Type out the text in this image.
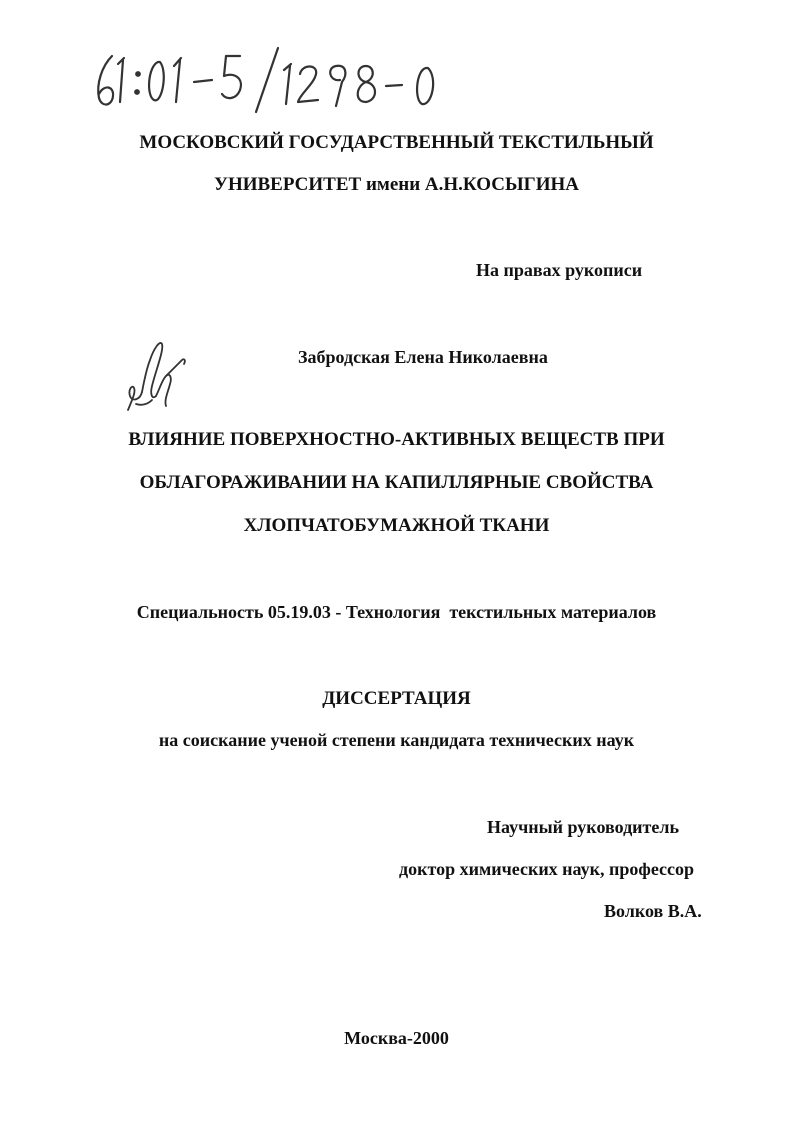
МОСКОВСКИЙ ГОСУДАРСТВЕННЫЙ ТЕКСТИЛЬНЫЙ
УНИВЕРСИТЕТ имени А.Н.КОСЫГИНА
На правах рукописи
Забродская Елена Николаевна
ВЛИЯНИЕ ПОВЕРХНОСТНО-АКТИВНЫХ ВЕЩЕСТВ ПРИ
ОБЛАГОРАЖИВАНИИ НА КАПИЛЛЯРНЫЕ СВОЙСТВА
ХЛОПЧАТОБУМАЖНОЙ ТКАНИ
Специальность 05.19.03 - Технология  текстильных материалов
ДИССЕРТАЦИЯ
на соискание ученой степени кандидата технических наук
Научный руководитель
доктор химических наук, профессор
Волков В.А.
Москва-2000
